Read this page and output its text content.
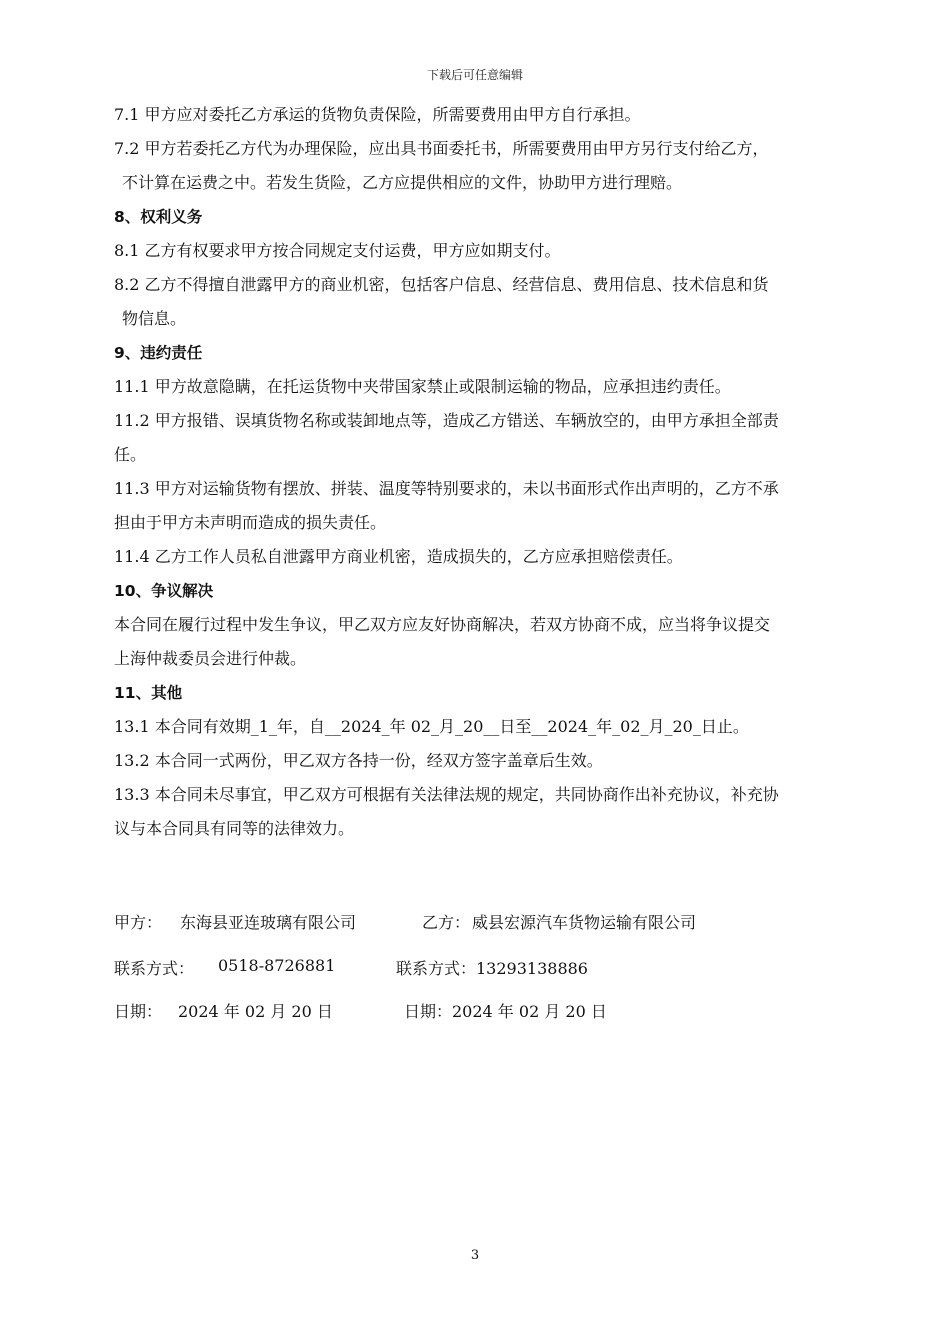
下载后可任意编辑
7.1 甲方应对委托乙方承运的货物负责保险，所需要费用由甲方自行承担。
7.2 甲方若委托乙方代为办理保险，应出具书面委托书，所需要费用由甲方另行支付给乙方，
不计算在运费之中。若发生货险，乙方应提供相应的文件，协助甲方进行理赔。
8、权利义务
8.1 乙方有权要求甲方按合同规定支付运费，甲方应如期支付。
8.2 乙方不得擅自泄露甲方的商业机密，包括客户信息、经营信息、费用信息、技术信息和货
物信息。
9、违约责任
11.1 甲方故意隐瞒，在托运货物中夹带国家禁止或限制运输的物品，应承担违约责任。
11.2 甲方报错、误填货物名称或装卸地点等，造成乙方错送、车辆放空的，由甲方承担全部责
任。
11.3 甲方对运输货物有摆放、拼装、温度等特别要求的，未以书面形式作出声明的，乙方不承
担由于甲方未声明而造成的损失责任。
11.4 乙方工作人员私自泄露甲方商业机密，造成损失的，乙方应承担赔偿责任。
10、争议解决
本合同在履行过程中发生争议，甲乙双方应友好协商解决，若双方协商不成，应当将争议提交
上海仲裁委员会进行仲裁。
11、其他
13.1 本合同有效期_1_年，自__2024_年 02_月_20__日至__2024_年_02_月_20_日止。
13.2 本合同一式两份，甲乙双方各持一份，经双方签字盖章后生效。
13.3 本合同未尽事宜，甲乙双方可根据有关法律法规的规定，共同协商作出补充协议，补充协
议与本合同具有同等的法律效力。
甲方： 东海县亚连玻璃有限公司	乙方： 威县宏源汽车货物运输有限公司
联系方式： 0518-8726881	联系方式：13293138886
日期： 2024 年 02 月 20 日	日期：2024 年 02 月 20 日
3
